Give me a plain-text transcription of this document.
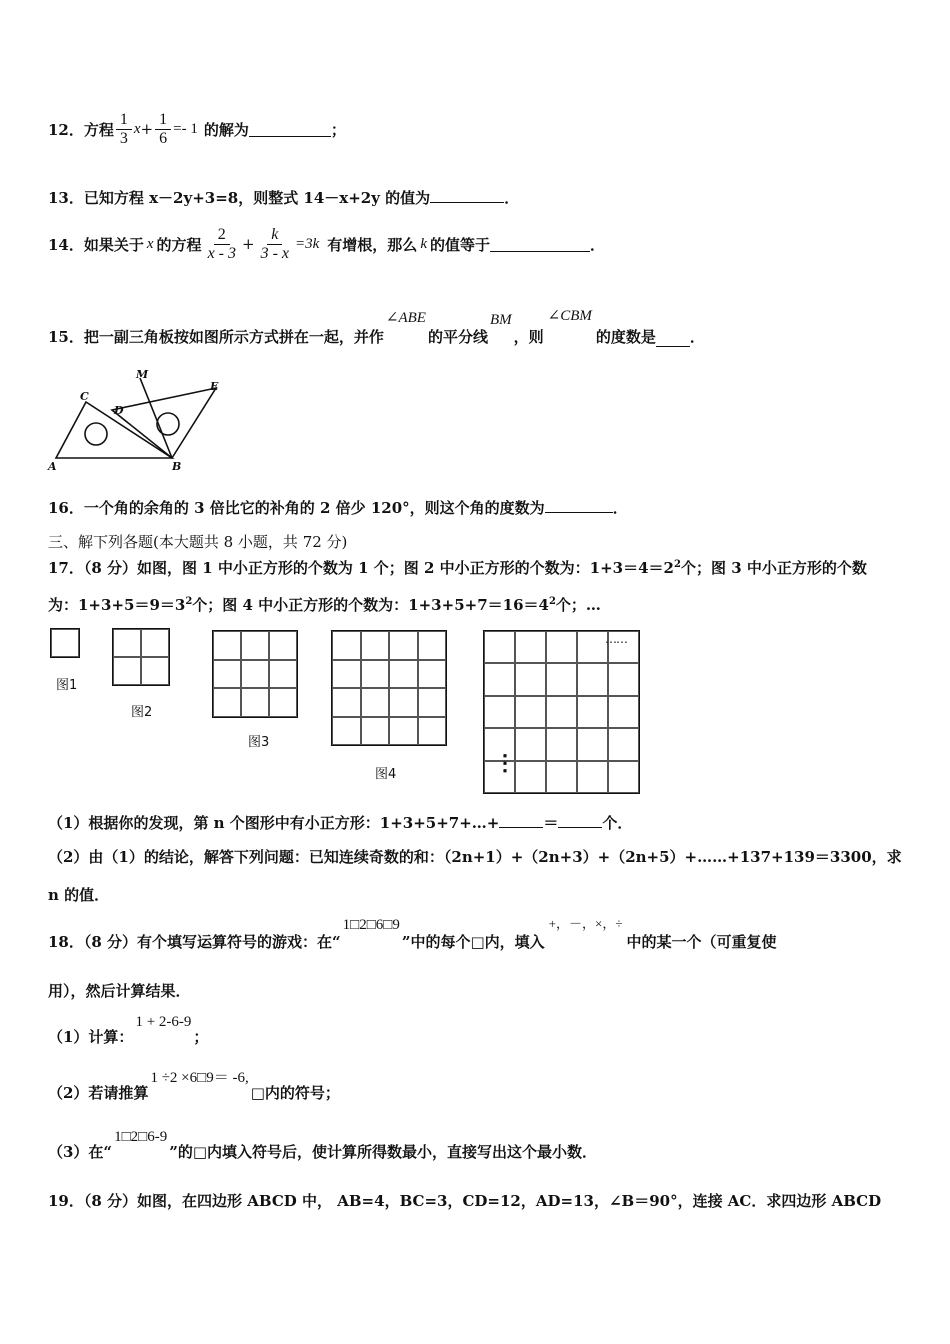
12．方程 $\frac{1}{3}$ $x + \frac{1}{6} =- 1$ 的解为	；
13．已知方程 x－2y+3=8，则整式 14－x+2y 的值为	．
14．如果关于 x 的方程 $\frac{2}{x - 3} + \frac{k}{3 - x} =3k$ 有增根，那么 k 的值等于	．
15．把一副三角板按如图所示方式拼在一起，并作
∠ABE
的平分线
BM
，则
∠CBM
的度数是 ．
A	B
C
D
E
M
16．一个角的余角的 3 倍比它的补角的 2 倍少 120°，则这个角的度数为	．
三、解下列各题(本大题共 8 小题，共 72 分)
17．（8 分）如图，图 1 中小正方形的个数为 1 个；图 2 中小正方形的个数为：$1+3=4=2^2$个；图 3 中小正方形的个数
为：$1+3+5=9=3^2$个；图 4 中小正方形的个数为：$1+3+5+7=16=4^2$个；…
图1
图2
图3
图4
……
⋮
（1）根据你的发现，第 n 个图形中有小正方形：1+3+5+7+…+	＝	个．
（2）由（1）的结论，解答下列问题：已知连续奇数的和：（2n+1）+（2n+3）+（2n+5）+……+137+139＝3300，求
n 的值．
18．（8 分）有个填写运算符号的游戏：在“
1□2□6□9
”中的每个□内，填入
+，－，×，÷
中的某一个（可重复使
用），然后计算结果．
（1）计算：
1 + 2-6-9
；
（2）若请推算
1 ÷2 ×6□9＝ -6,
□内的符号；
（3）在“
1□2□6-9
”的□内填入符号后，使计算所得数最小，直接写出这个最小数．
19．（8 分）如图，在四边形 ABCD 中， AB=4，BC=3，CD=12，AD=13，∠B＝90°，连接 AC．求四边形 ABCD
